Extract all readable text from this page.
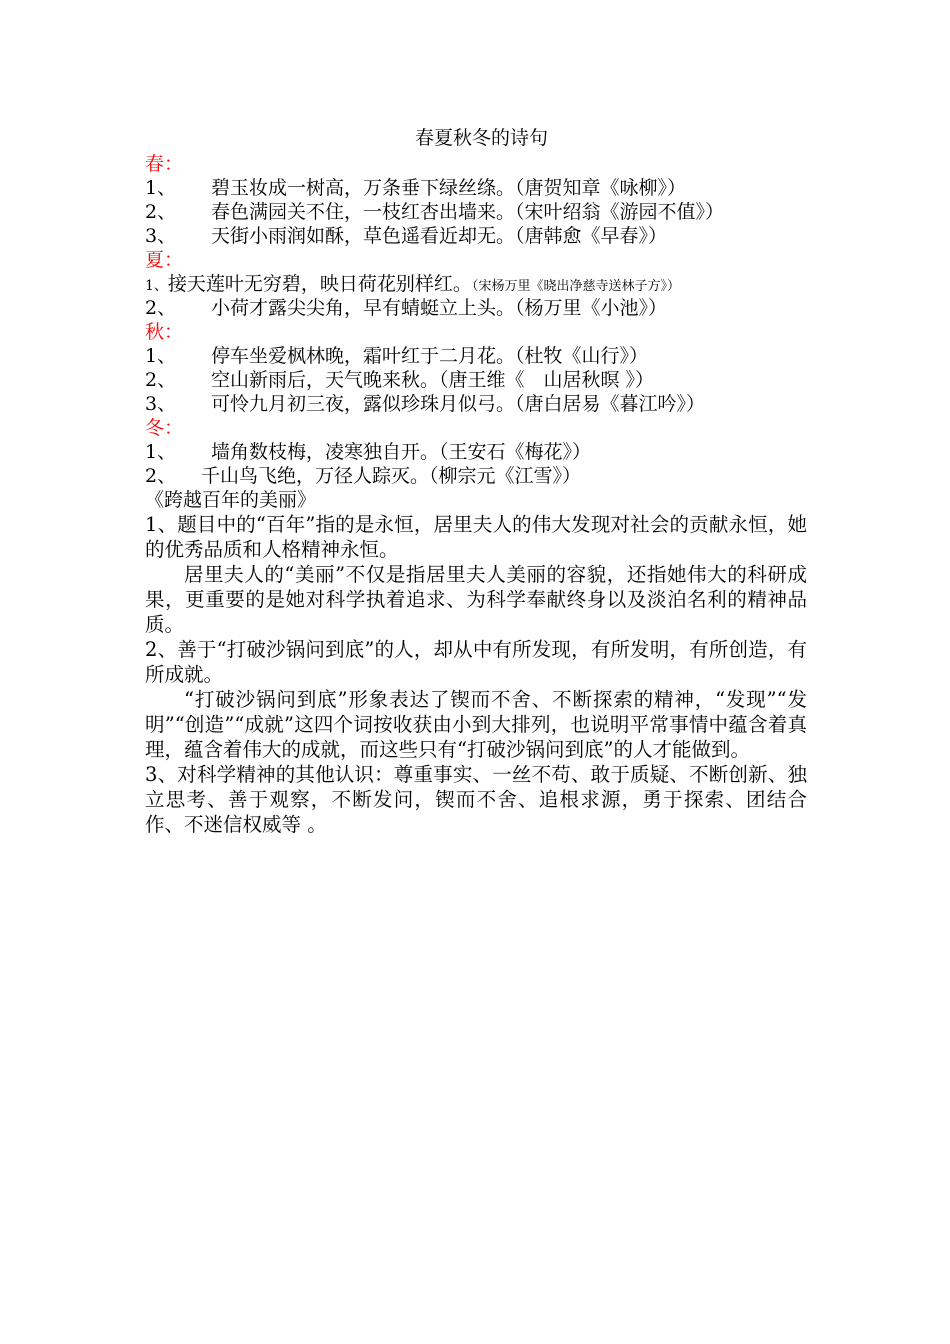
春夏秋冬的诗句
春：
1、 碧玉妆成一树高，万条垂下绿丝绦。（唐贺知章《咏柳》）
2、 春色满园关不住，一枝红杏出墙来。（宋叶绍翁《游园不值》）
3、 天街小雨润如酥，草色遥看近却无。（唐韩愈《早春》）
夏：
1、接天莲叶无穷碧，映日荷花别样红。（宋杨万里《晓出净慈寺送林子方》）
2、 小荷才露尖尖角，早有蜻蜓立上头。（杨万里《小池》）
秋：
1、 停车坐爱枫林晚，霜叶红于二月花。（杜牧《山行》）
2、 空山新雨后，天气晚来秋。（唐王维《　山居秋暝 》）
3、 可怜九月初三夜，露似珍珠月似弓。（唐白居易《暮江吟》）
冬：
1、 墙角数枝梅，凌寒独自开。（王安石《梅花》）
2、 千山鸟飞绝，万径人踪灭。（柳宗元《江雪》）
《跨越百年的美丽》
1、题目中的“百年”指的是永恒，居里夫人的伟大发现对社会的贡献永恒，她的优秀品质和人格精神永恒。
居里夫人的“美丽”不仅是指居里夫人美丽的容貌，还指她伟大的科研成果，更重要的是她对科学执着追求、为科学奉献终身以及淡泊名利的精神品质。
2、善于“打破沙锅问到底”的人，却从中有所发现，有所发明，有所创造，有所成就。
“打破沙锅问到底”形象表达了锲而不舍、不断探索的精神，“发现”“发明”“创造”“成就”这四个词按收获由小到大排列，也说明平常事情中蕴含着真理，蕴含着伟大的成就，而这些只有“打破沙锅问到底”的人才能做到。
3、对科学精神的其他认识：尊重事实、一丝不苟、敢于质疑、不断创新、独立思考、善于观察，不断发问，锲而不舍、追根求源，勇于探索、团结合作、不迷信权威等 。
